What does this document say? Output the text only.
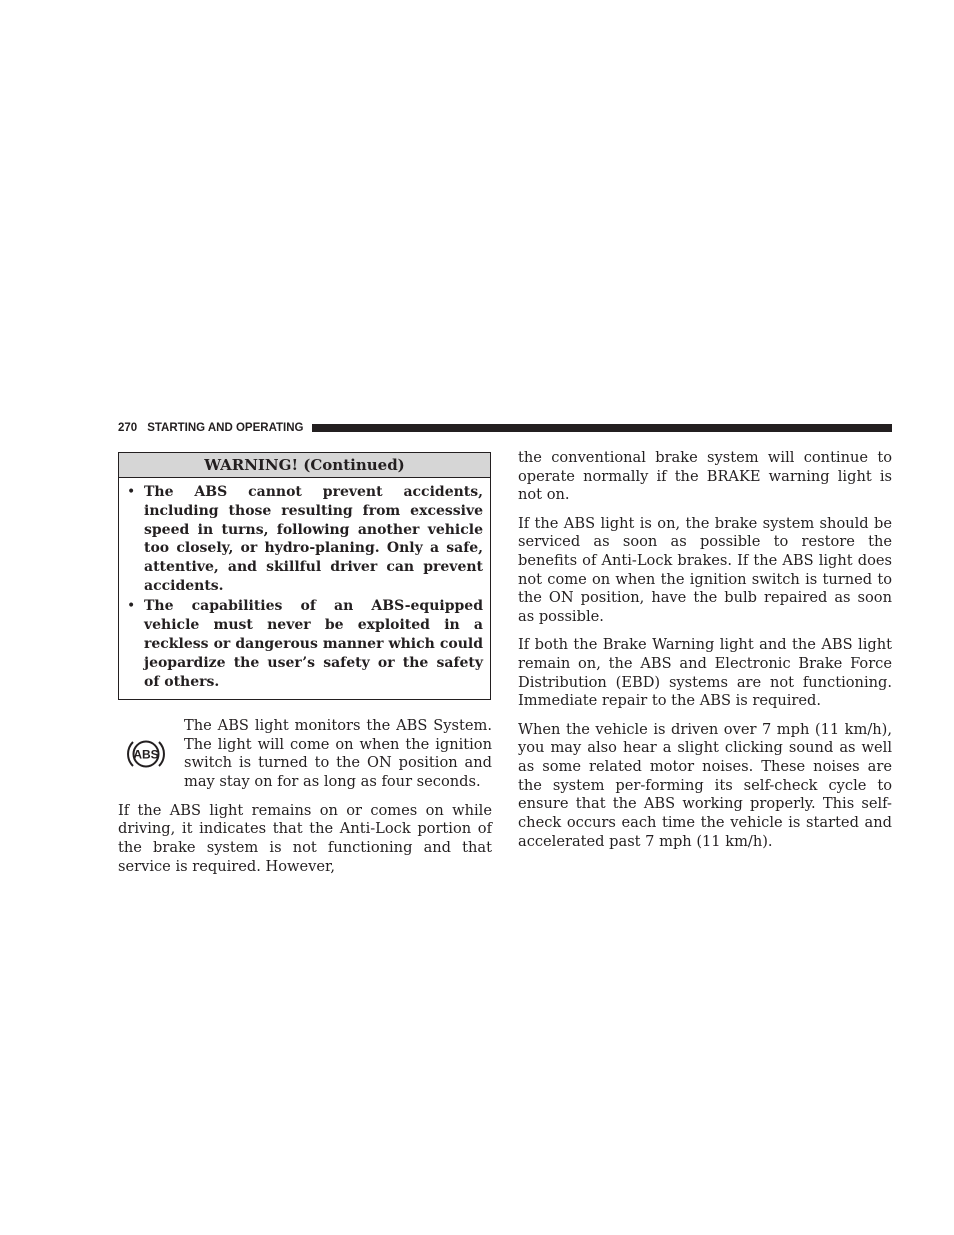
270 STARTING AND OPERATING
WARNING! (Continued)
• The ABS cannot prevent accidents, including those resulting from excessive speed in turns, following another vehicle too closely, or hydro-planing. Only a safe, attentive, and skillful driver can prevent accidents.
• The capabilities of an ABS-equipped vehicle must never be exploited in a reckless or dangerous manner which could jeopardize the user’s safety or the safety of others.
ABS

The ABS light monitors the ABS System. The light will come on when the ignition switch is turned to the ON position and may stay on for as long as four seconds.

If the ABS light remains on or comes on while driving, it indicates that the Anti-Lock portion of the brake system is not functioning and that service is required. However,

the conventional brake system will continue to operate normally if the BRAKE warning light is not on.

If the ABS light is on, the brake system should be serviced as soon as possible to restore the benefits of Anti-Lock brakes. If the ABS light does not come on when the ignition switch is turned to the ON position, have the bulb repaired as soon as possible.

If both the Brake Warning light and the ABS light remain on, the ABS and Electronic Brake Force Distribution (EBD) systems are not functioning. Immediate repair to the ABS is required.

When the vehicle is driven over 7 mph (11 km/h), you may also hear a slight clicking sound as well as some related motor noises. These noises are the system per-forming its self-check cycle to ensure that the ABS working properly. This self-check occurs each time the vehicle is started and accelerated past 7 mph (11 km/h).
